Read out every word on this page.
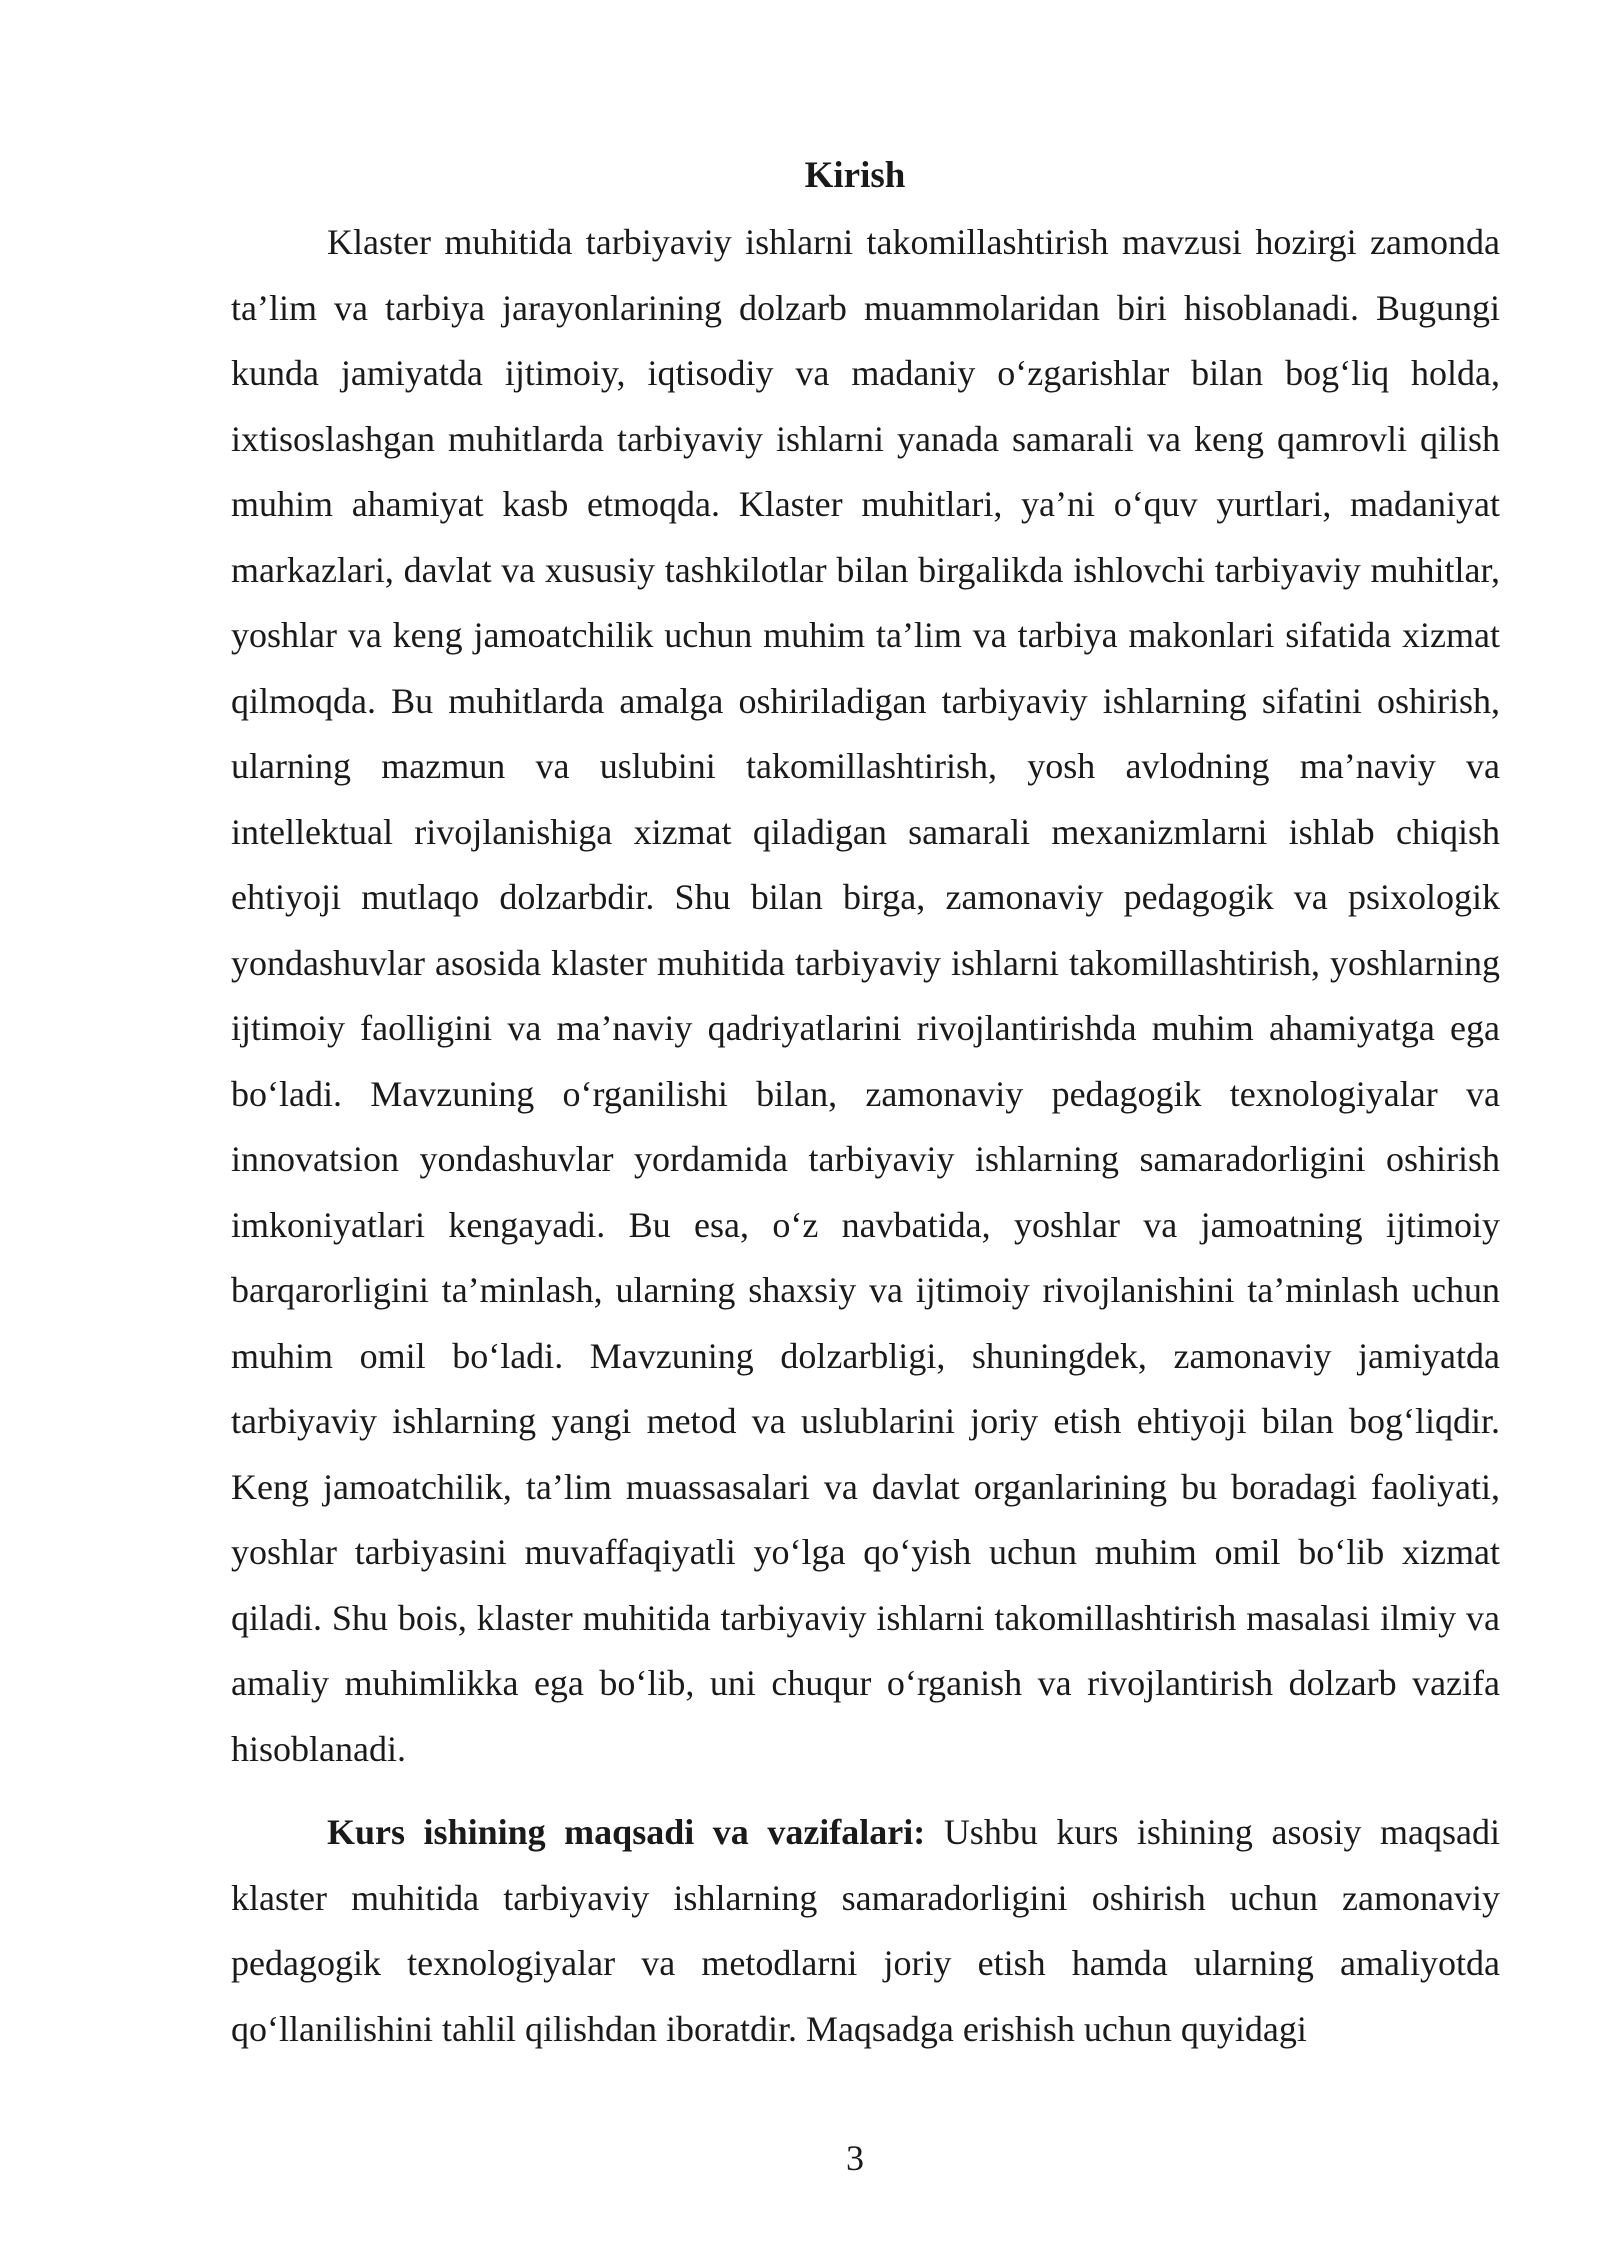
Kirish

Klaster muhitida tarbiyaviy ishlarni takomillashtirish mavzusi hozirgi zamonda ta’lim va tarbiya jarayonlarining dolzarb muammolaridan biri hisoblanadi. Bugungi kunda jamiyatda ijtimoiy, iqtisodiy va madaniy o‘zgarishlar bilan bog‘liq holda, ixtisoslashgan muhitlarda tarbiyaviy ishlarni yanada samarali va keng qamrovli qilish muhim ahamiyat kasb etmoqda. Klaster muhitlari, ya’ni o‘quv yurtlari, madaniyat markazlari, davlat va xususiy tashkilotlar bilan birgalikda ishlovchi tarbiyaviy muhitlar, yoshlar va keng jamoatchilik uchun muhim ta’lim va tarbiya makonlari sifatida xizmat qilmoqda. Bu muhitlarda amalga oshiriladigan tarbiyaviy ishlarning sifatini oshirish, ularning mazmun va uslubini takomillashtirish, yosh avlodning ma’naviy va intellektual rivojlanishiga xizmat qiladigan samarali mexanizmlarni ishlab chiqish ehtiyoji mutlaqo dolzarbdir. Shu bilan birga, zamonaviy pedagogik va psixologik yondashuvlar asosida klaster muhitida tarbiyaviy ishlarni takomillashtirish, yoshlarning ijtimoiy faolligini va ma’naviy qadriyatlarini rivojlantirishda muhim ahamiyatga ega bo‘ladi. Mavzuning o‘rganilishi bilan, zamonaviy pedagogik texnologiyalar va innovatsion yondashuvlar yordamida tarbiyaviy ishlarning samaradorligini oshirish imkoniyatlari kengayadi. Bu esa, o‘z navbatida, yoshlar va jamoatning ijtimoiy barqarorligini ta’minlash, ularning shaxsiy va ijtimoiy rivojlanishini ta’minlash uchun muhim omil bo‘ladi. Mavzuning dolzarbligi, shuningdek, zamonaviy jamiyatda tarbiyaviy ishlarning yangi metod va uslublarini joriy etish ehtiyoji bilan bog‘liqdir. Keng jamoatchilik, ta’lim muassasalari va davlat organlarining bu boradagi faoliyati, yoshlar tarbiyasini muvaffaqiyatli yo‘lga qo‘yish uchun muhim omil bo‘lib xizmat qiladi. Shu bois, klaster muhitida tarbiyaviy ishlarni takomillashtirish masalasi ilmiy va amaliy muhimlikka ega bo‘lib, uni chuqur o‘rganish va rivojlantirish dolzarb vazifa hisoblanadi.

Kurs ishining maqsadi va vazifalari: Ushbu kurs ishining asosiy maqsadi klaster muhitida tarbiyaviy ishlarning samaradorligini oshirish uchun zamonaviy pedagogik texnologiyalar va metodlarni joriy etish hamda ularning amaliyotda qo‘llanilishini tahlil qilishdan iboratdir. Maqsadga erishish uchun quyidagi

3
